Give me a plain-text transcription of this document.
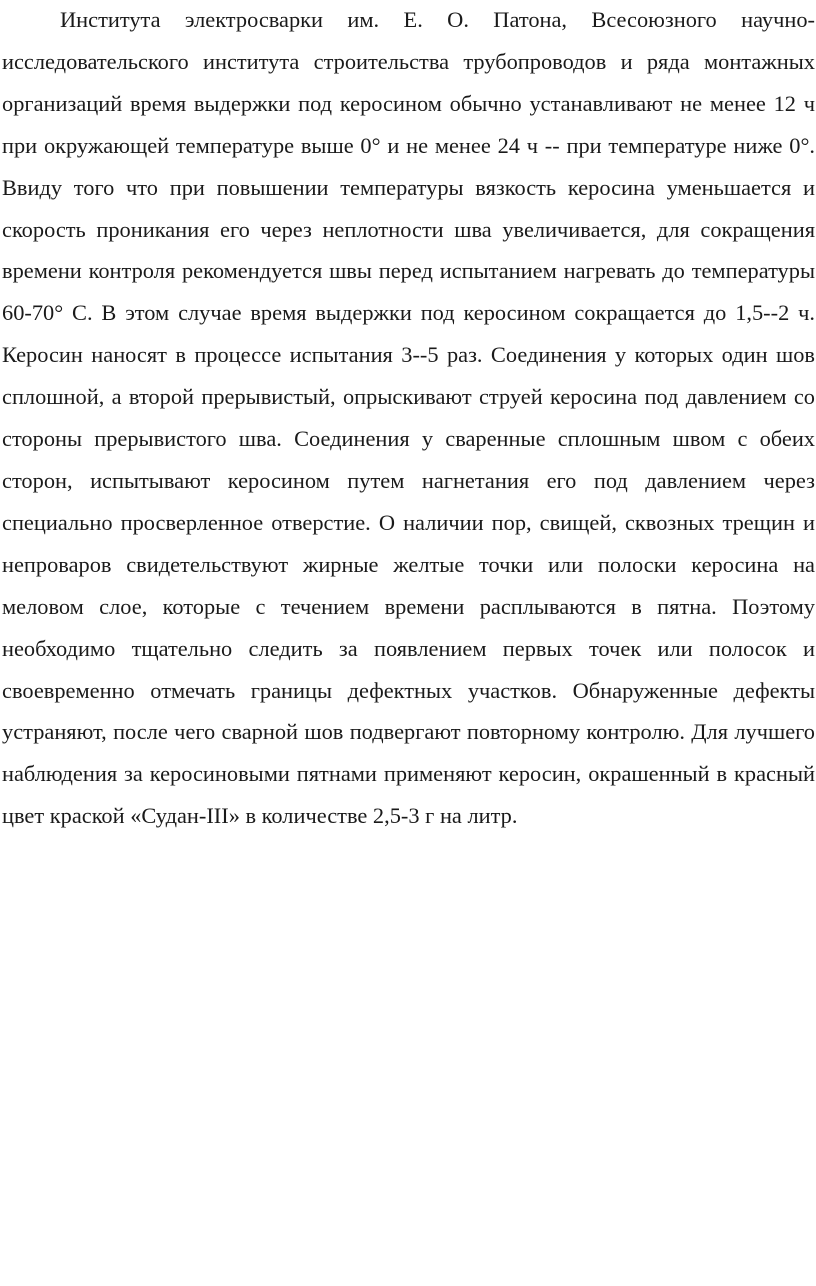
Института электросварки им. Е. О. Патона, Всесоюзного научно-исследовательского института строительства трубопроводов и ряда монтажных организаций время выдержки под керосином обычно устанавливают не менее 12 ч при окружающей температуре выше 0° и не менее 24 ч -- при температуре ниже 0°. Ввиду того что при повышении температуры вязкость керосина уменьшается и скорость проникания его через неплотности шва увеличивается, для сокращения времени контроля рекомендуется швы перед испытанием нагревать до температуры 60-70° С. В этом случае время выдержки под керосином сокращается до 1,5--2 ч. Керосин наносят в процессе испытания 3--5 раз. Соединения у которых один шов сплошной, а второй прерывистый, опрыскивают струей керосина под давлением со стороны прерывистого шва. Соединения у сваренные сплошным швом с обеих сторон, испытывают керосином путем нагнетания его под давлением через специально просверленное отверстие. О наличии пор, свищей, сквозных трещин и непроваров свидетельствуют жирные желтые точки или полоски керосина на меловом слое, которые с течением времени расплываются в пятна. Поэтому необходимо тщательно следить за появлением первых точек или полосок и своевременно отмечать границы дефектных участков. Обнаруженные дефекты устраняют, после чего сварной шов подвергают повторному контролю. Для лучшего наблюдения за керосиновыми пятнами применяют керосин, окрашенный в красный цвет краской «Судан-III» в количестве 2,5-3 г на литр.
